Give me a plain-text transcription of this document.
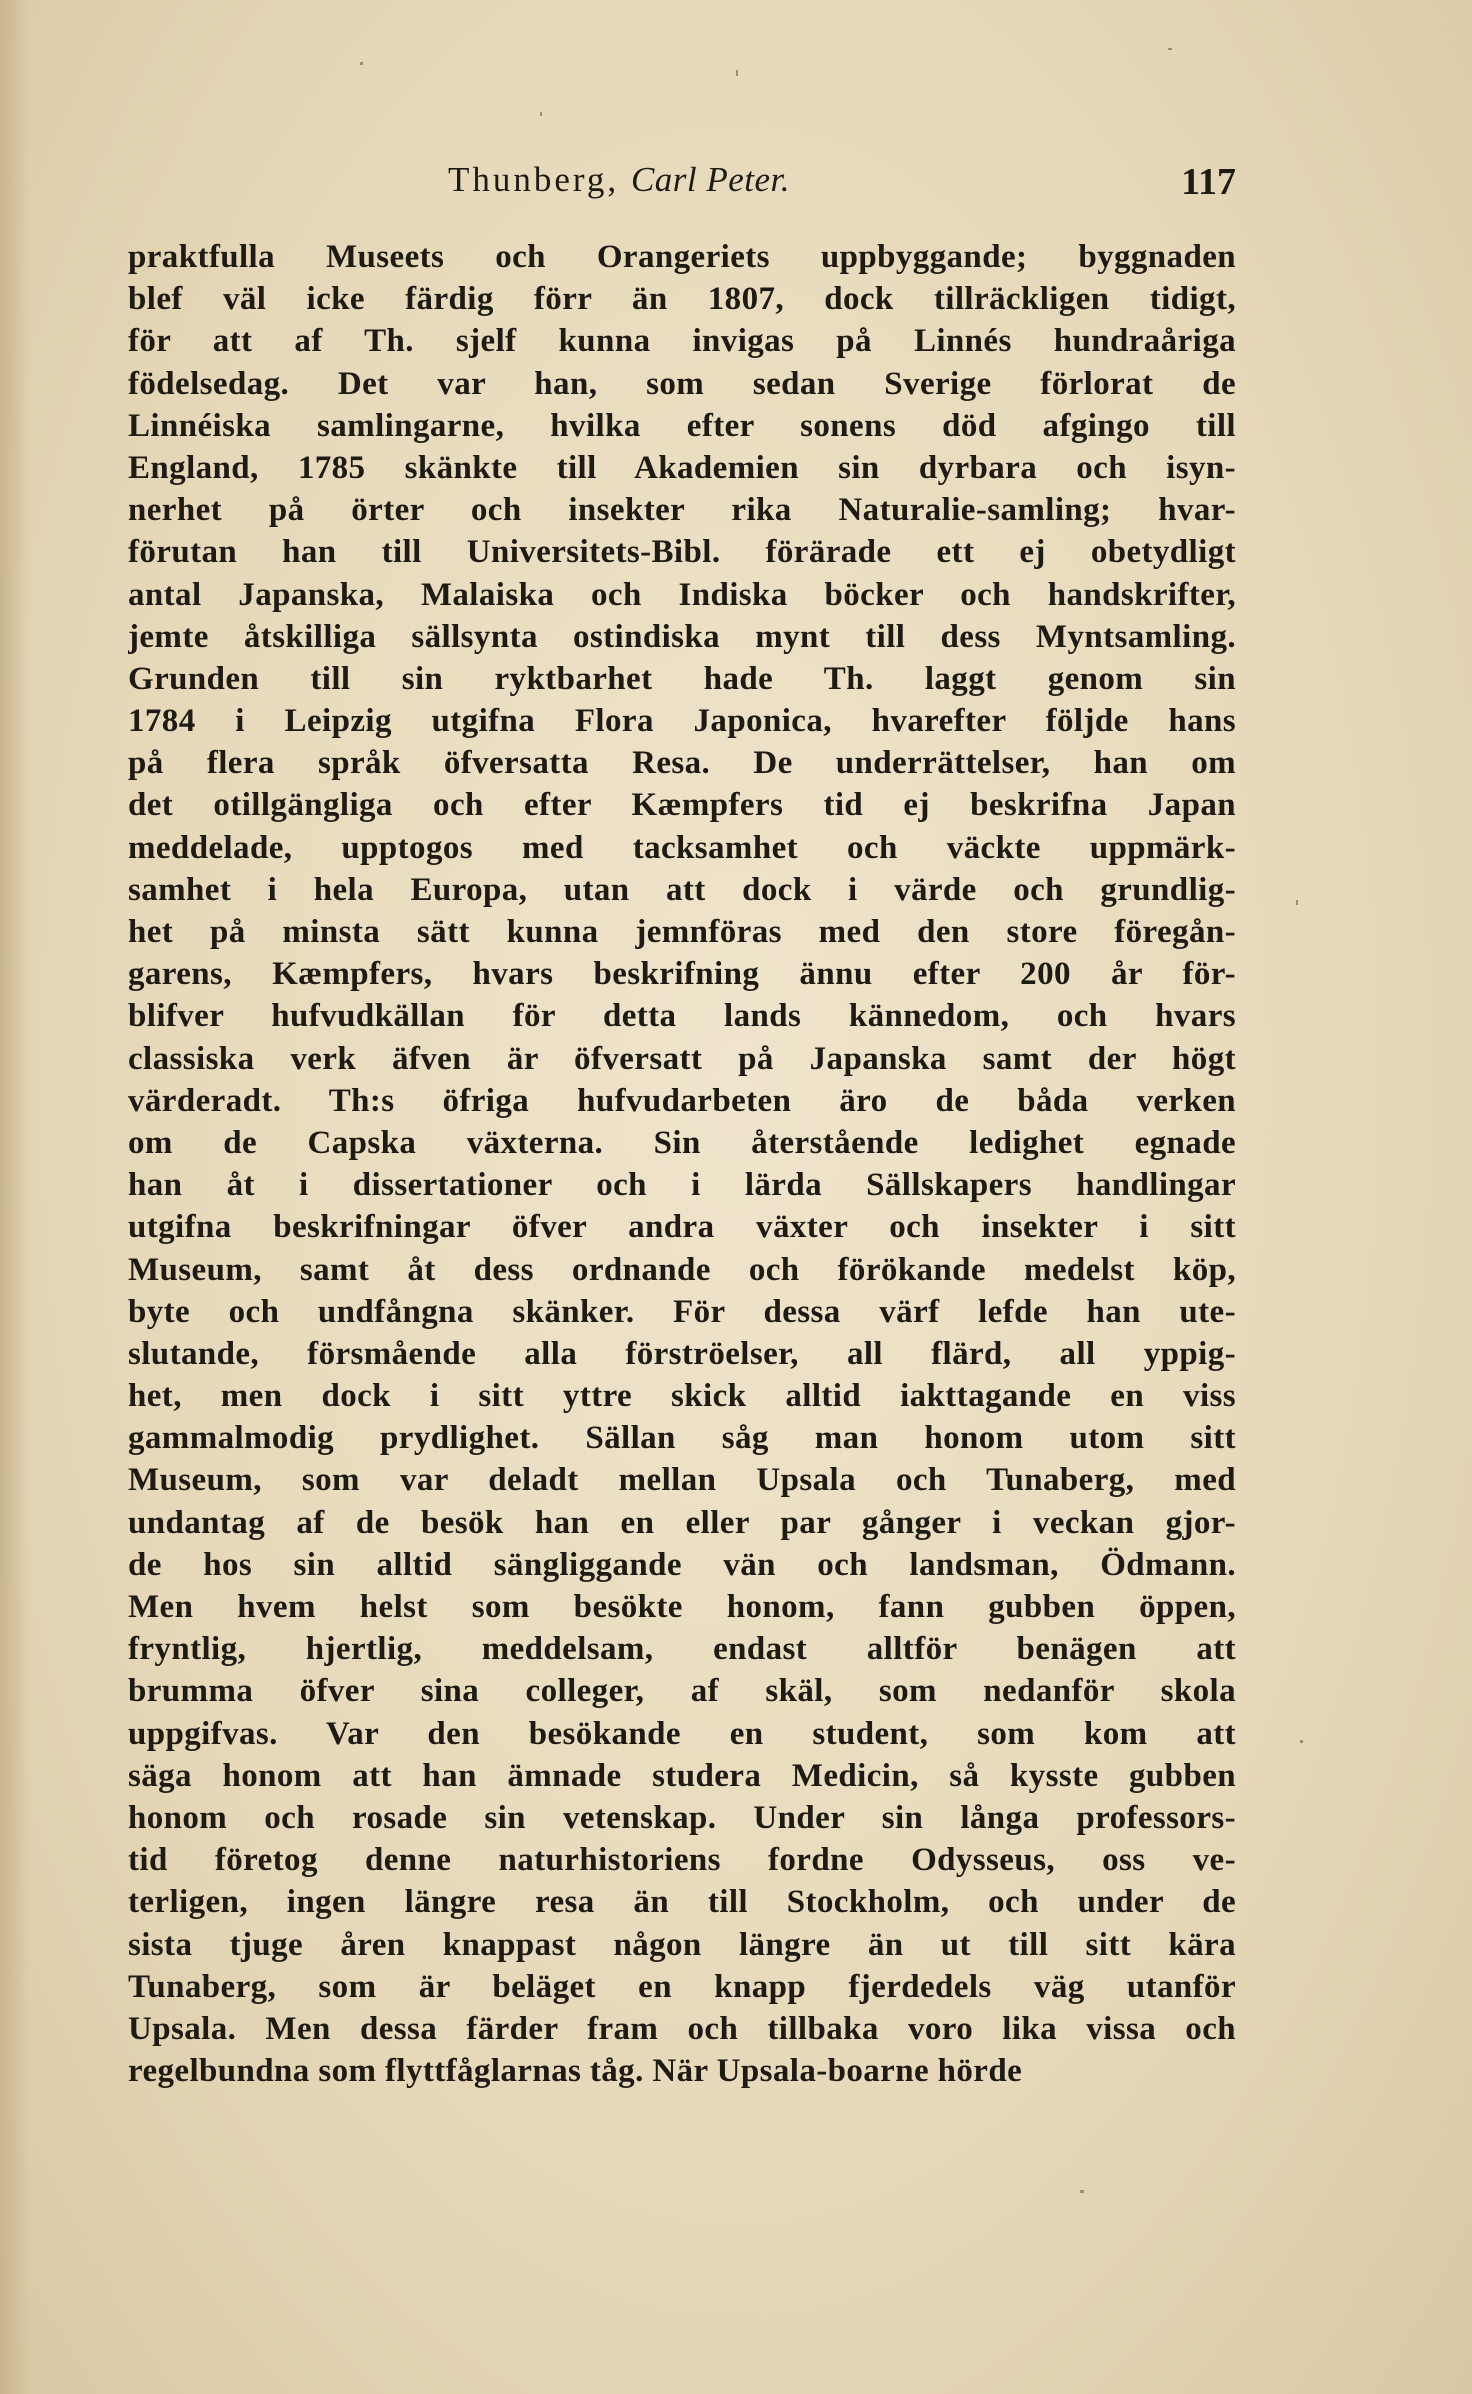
Thunberg, Carl Peter.	117
praktfulla Museets och Orangeriets uppbyggande; byggnaden
blef väl icke färdig förr än 1807, dock tillräckligen tidigt,
för att af Th. sjelf kunna invigas på Linnés hundraåriga
födelsedag. Det var han, som sedan Sverige förlorat de
Linnéiska samlingarne, hvilka efter sonens död afgingo till
England, 1785 skänkte till Akademien sin dyrbara och isyn-
nerhet på örter och insekter rika Naturalie-samling; hvar-
förutan han till Universitets-Bibl. förärade ett ej obetydligt
antal Japanska, Malaiska och Indiska böcker och handskrifter,
jemte åtskilliga sällsynta ostindiska mynt till dess Myntsamling.
Grunden till sin ryktbarhet hade Th. laggt genom sin
1784 i Leipzig utgifna Flora Japonica, hvarefter följde hans
på flera språk öfversatta Resa. De underrättelser, han om
det otillgängliga och efter Kæmpfers tid ej beskrifna Japan
meddelade, upptogos med tacksamhet och väckte uppmärk-
samhet i hela Europa, utan att dock i värde och grundlig-
het på minsta sätt kunna jemnföras med den store föregån-
garens, Kæmpfers, hvars beskrifning ännu efter 200 år för-
blifver hufvudkällan för detta lands kännedom, och hvars
classiska verk äfven är öfversatt på Japanska samt der högt
värderadt. Th:s öfriga hufvudarbeten äro de båda verken
om de Capska växterna. Sin återstående ledighet egnade
han åt i dissertationer och i lärda Sällskapers handlingar
utgifna beskrifningar öfver andra växter och insekter i sitt
Museum, samt åt dess ordnande och förökande medelst köp,
byte och undfångna skänker. För dessa värf lefde han ute-
slutande, försmående alla förströelser, all flärd, all yppig-
het, men dock i sitt yttre skick alltid iakttagande en viss
gammalmodig prydlighet. Sällan såg man honom utom sitt
Museum, som var deladt mellan Upsala och Tunaberg, med
undantag af de besök han en eller par gånger i veckan gjor-
de hos sin alltid sängliggande vän och landsman, Ödmann.
Men hvem helst som besökte honom, fann gubben öppen,
fryntlig, hjertlig, meddelsam, endast alltför benägen att
brumma öfver sina colleger, af skäl, som nedanför skola
uppgifvas. Var den besökande en student, som kom att
säga honom att han ämnade studera Medicin, så kysste gubben
honom och rosade sin vetenskap. Under sin långa professors-
tid företog denne naturhistoriens fordne Odysseus, oss ve-
terligen, ingen längre resa än till Stockholm, och under de
sista tjuge åren knappast någon längre än ut till sitt kära
Tunaberg, som är beläget en knapp fjerdedels väg utanför
Upsala. Men dessa färder fram och tillbaka voro lika vissa och
regelbundna som flyttfåglarnas tåg. När Upsala-boarne hörde
